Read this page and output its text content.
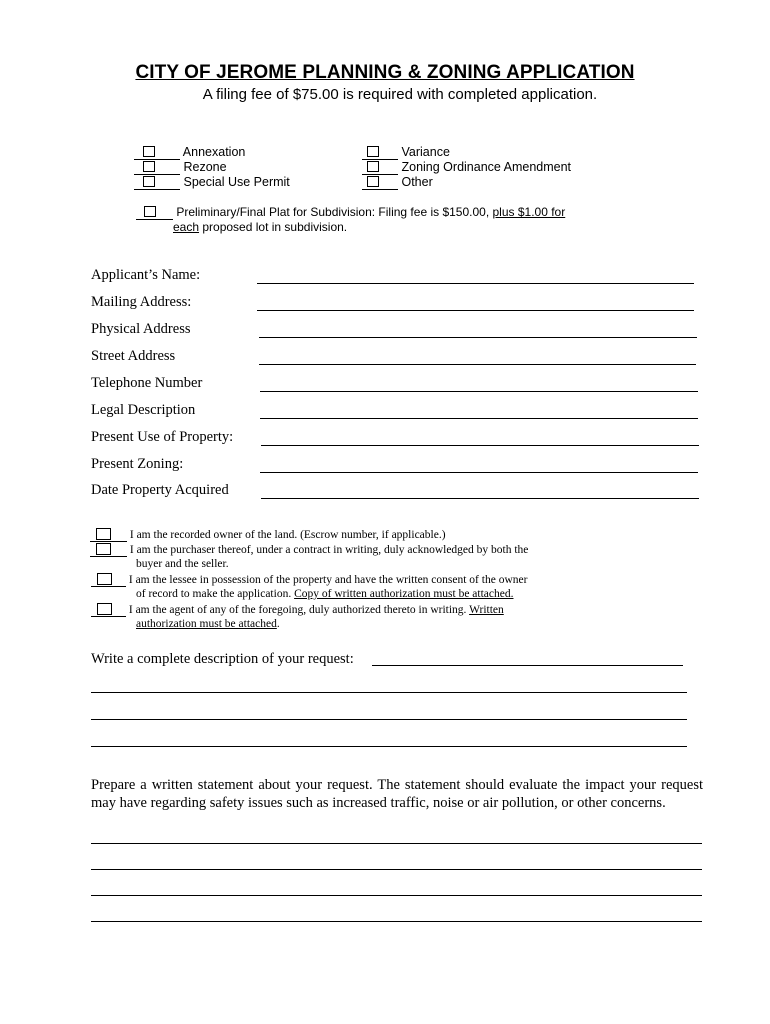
CITY OF JEROME PLANNING & ZONING APPLICATION
A filing fee of $75.00 is required with completed application.
Annexation
Rezone
Special Use Permit
Variance
Zoning Ordinance Amendment
Other
Preliminary/Final Plat for Subdivision: Filing fee is $150.00, plus $1.00 for
each proposed lot in subdivision.
Applicant’s Name:
Mailing Address:
Physical Address
Street Address
Telephone Number
Legal Description
Present Use of Property:
Present Zoning:
Date Property Acquired
I am the recorded owner of the land. (Escrow number, if applicable.)
I am the purchaser thereof, under a contract in writing, duly acknowledged by both the
buyer and the seller.
I am the lessee in possession of the property and have the written consent of the owner
of record to make the application. Copy of written authorization must be attached.
I am the agent of any of the foregoing, duly authorized thereto in writing. Written
authorization must be attached.
Write a complete description of your request:
Prepare a written statement about your request. The statement should evaluate the impact your request may have regarding safety issues such as increased traffic, noise or air pollution, or other concerns.
